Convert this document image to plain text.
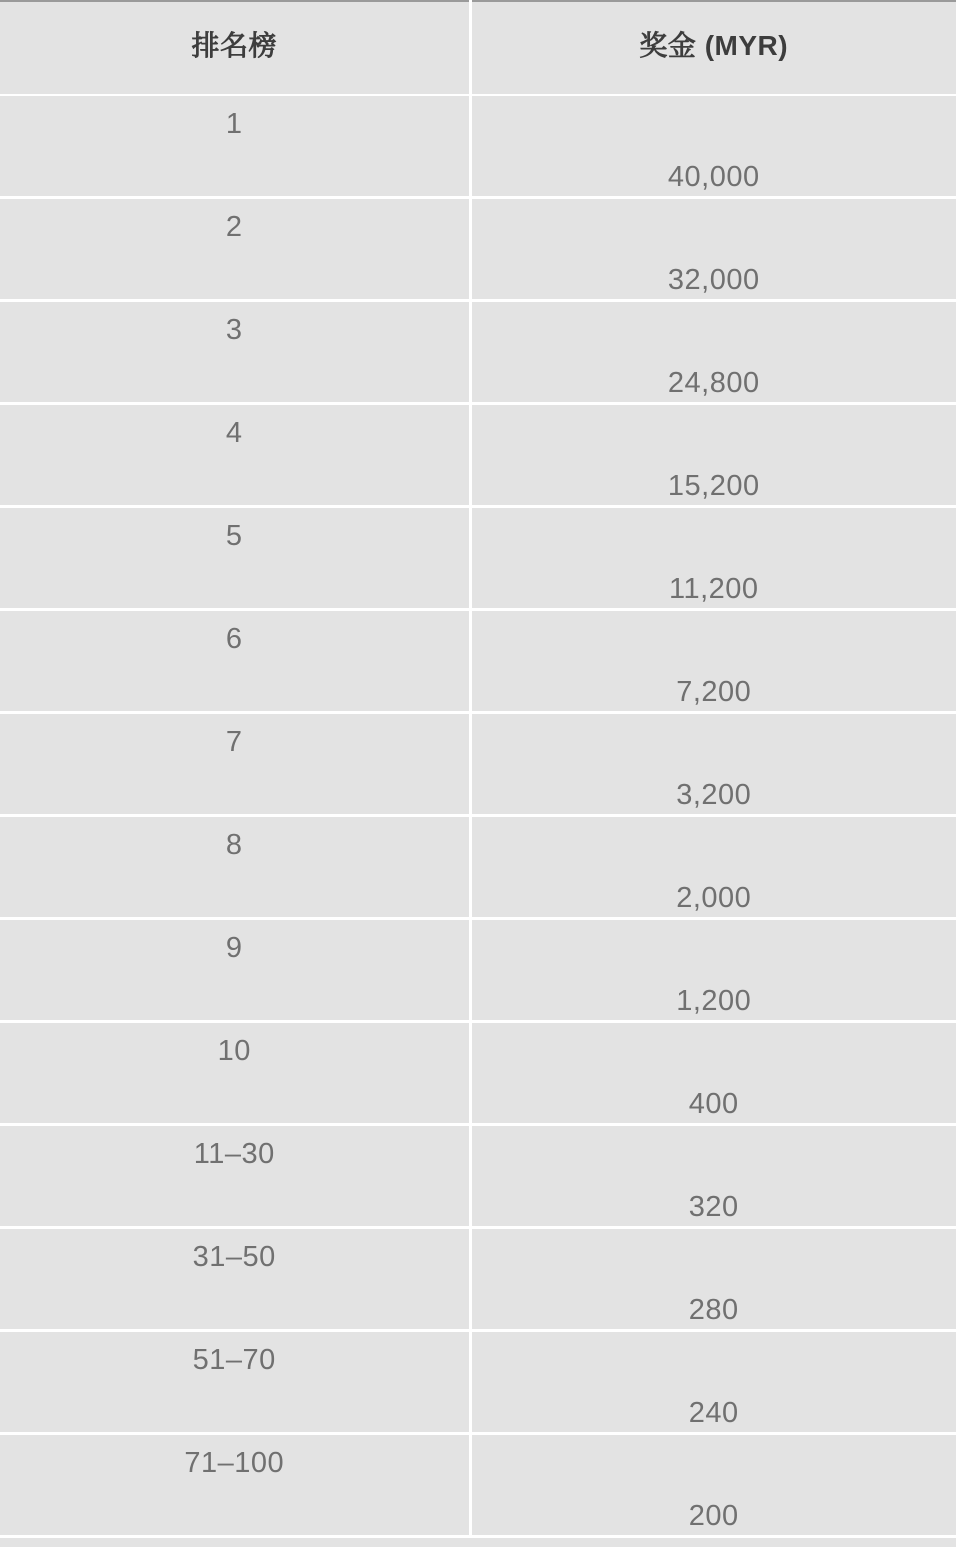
排名榜	奖金 (MYR)

1	40,000

2	32,000

3	24,800

4	15,200

5	11,200

6	7,200

7	3,200

8	2,000

9	1,200

10	400

11–30	320

31–50	280

51–70	240

71–100	200
